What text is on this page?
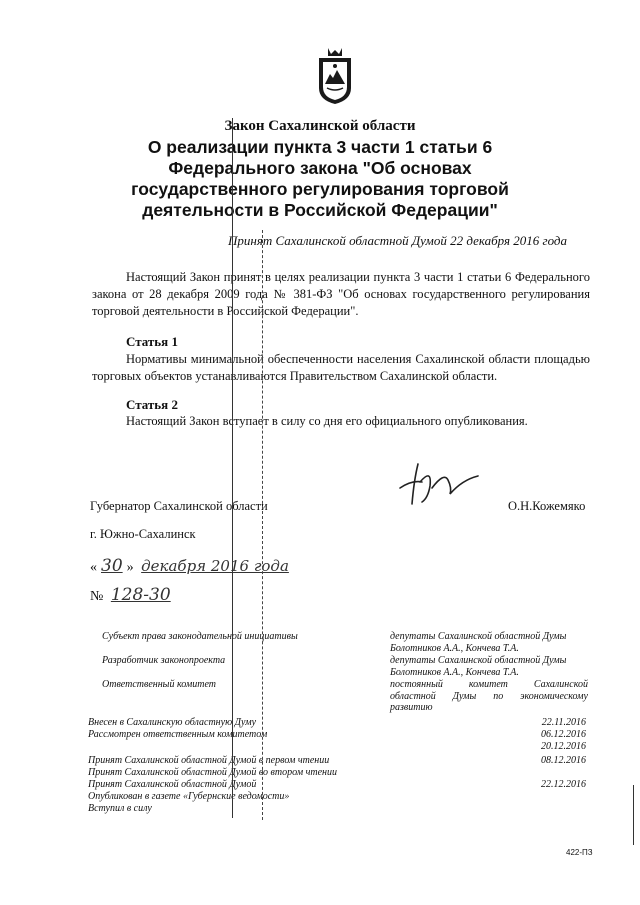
Закон Сахалинской области
О реализации пункта 3 части 1 статьи 6
Федерального закона "Об основах
государственного регулирования торговой
деятельности в Российской Федерации"
Принят Сахалинской областной Думой 22 декабря 2016 года
Настоящий Закон принят в целях реализации пункта 3 части 1 статьи 6 Федерального закона от 28 декабря 2009 года № 381-ФЗ "Об основах государственного регулирования торговой деятельности в Российской Федерации".
Статья 1
Нормативы минимальной обеспеченности населения Сахалинской области площадью торговых объектов устанавливаются Правительством Сахалинской области.
Статья 2
Настоящий Закон вступает в силу со дня его официального опубликования.
Губернатор Сахалинской области	О.Н.Кожемяко
г. Южно-Сахалинск
« 30 » декабря 2016 года
№ 128-30
Субъект права законодательной инициативы	депутаты Сахалинской областной Думы Болотников А.А., Кончева Т.А.
Разработчик законопроекта	депутаты Сахалинской областной Думы Болотников А.А., Кончева Т.А.
Ответственный комитет	постоянный комитет Сахалинской областной Думы по экономическому развитию
Внесен в Сахалинскую областную Думу	22.11.2016
Рассмотрен ответственным комитетом	06.12.2016
20.12.2016
Принят Сахалинской областной Думой в первом чтении	08.12.2016
Принят Сахалинской областной Думой во втором чтении
Принят Сахалинской областной Думой	22.12.2016
Опубликован в газете «Губернские ведомости»
Вступил в силу
422-ПЗ
